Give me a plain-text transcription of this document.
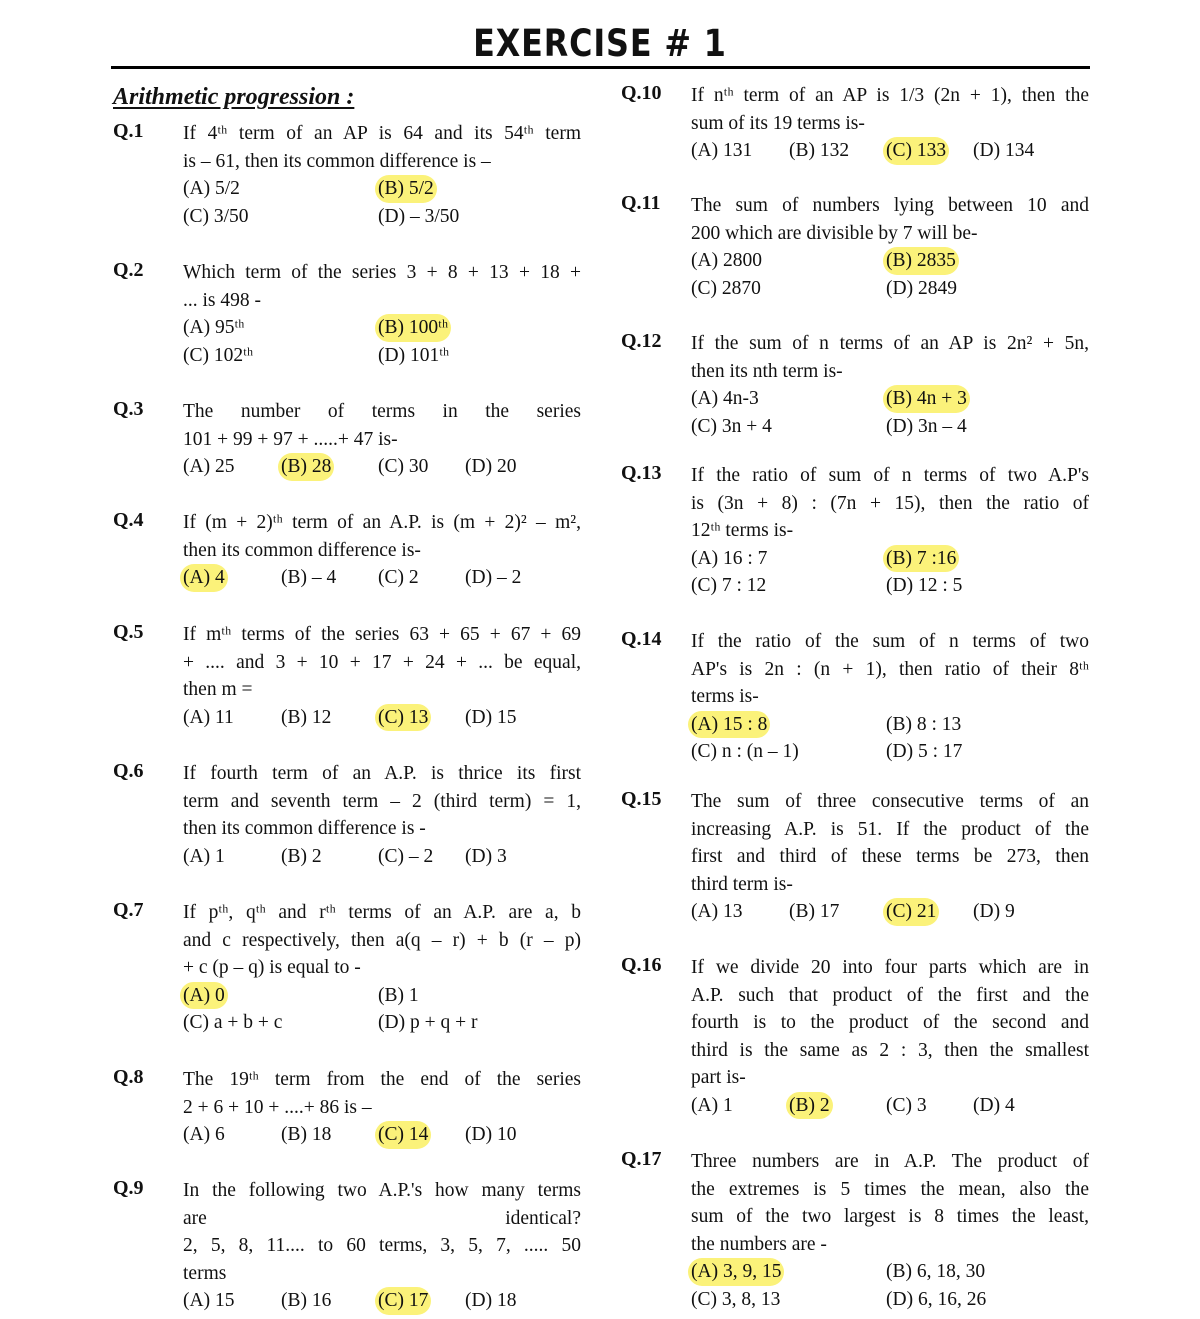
EXERCISE # 1
Arithmetic progression :
Q.1 If 4ᵗʰ term of an AP is 64 and its 54ᵗʰ term
is – 61, then its common difference is –
(A) 5/2	(B) 5/2
(C) 3/50	(D) – 3/50
Q.2 Which term of the series 3 + 8 + 13 + 18 +
... is 498 -
(A) 95ᵗʰ	(B) 100ᵗʰ
(C) 102ᵗʰ	(D) 101ᵗʰ
Q.3 The number of terms in the series
101 + 99 + 97 + .....+ 47 is-
(A) 25 (B) 28 (C) 30 (D) 20
Q.4 If (m + 2)ᵗʰ term of an A.P. is (m + 2)² – m²,
then its common difference is-
(A) 4	(B) – 4 (C) 2 (D) – 2
Q.5 If mᵗʰ terms of the series 63 + 65 + 67 + 69
+ .... and 3 + 10 + 17 + 24 + ... be equal,
then m =
(A) 11 (B) 12 (C) 13 (D) 15
Q.6 If fourth term of an A.P. is thrice its first
term and seventh term – 2 (third term) = 1,
then its common difference is -
(A) 1	(B) 2	(C) – 2 (D) 3
Q.7 If pᵗʰ, qᵗʰ and rᵗʰ terms of an A.P. are a, b
and c respectively, then a(q – r) + b (r – p)
+ c (p – q) is equal to -
(A) 0	(B) 1
(C) a + b + c	(D) p + q + r
Q.8 The 19ᵗʰ term from the end of the series
2 + 6 + 10 + ....+ 86 is –
(A) 6	(B) 18 (C) 14 (D) 10
Q.9 In the following two A.P.'s how many terms
are identical?
2, 5, 8, 11.... to 60 terms, 3, 5, 7, ..... 50
terms
(A) 15 (B) 16 (C) 17 (D) 18
Q.10 If nᵗʰ term of an AP is 1/3 (2n + 1), then the
sum of its 19 terms is-
(A) 131 (B) 132 (C) 133 (D) 134
Q.11 The sum of numbers lying between 10 and
200 which are divisible by 7 will be-
(A) 2800	(B) 2835
(C) 2870	(D) 2849
Q.12 If the sum of n terms of an AP is 2n² + 5n,
then its nth term is-
(A) 4n-3	(B) 4n + 3
(C) 3n + 4	(D) 3n – 4
Q.13 If the ratio of sum of n terms of two A.P's
is (3n + 8) : (7n + 15), then the ratio of
12ᵗʰ terms is-
(A) 16 : 7	(B) 7 :16
(C) 7 : 12	(D) 12 : 5
Q.14 If the ratio of the sum of n terms of two
AP's is 2n : (n + 1), then ratio of their 8ᵗʰ
terms is-
(A) 15 : 8	(B) 8 : 13
(C) n : (n – 1)	(D) 5 : 17
Q.15 The sum of three consecutive terms of an
increasing A.P. is 51. If the product of the
first and third of these terms be 273, then
third term is-
(A) 13 (B) 17 (C) 21 (D) 9
Q.16 If we divide 20 into four parts which are in
A.P. such that product of the first and the
fourth is to the product of the second and
third is the same as 2 : 3, then the smallest
part is-
(A) 1	(B) 2	(C) 3 (D) 4
Q.17 Three numbers are in A.P. The product of
the extremes is 5 times the mean, also the
sum of the two largest is 8 times the least,
the numbers are -
(A) 3, 9, 15	(B) 6, 18, 30
(C) 3, 8, 13	(D) 6, 16, 26
